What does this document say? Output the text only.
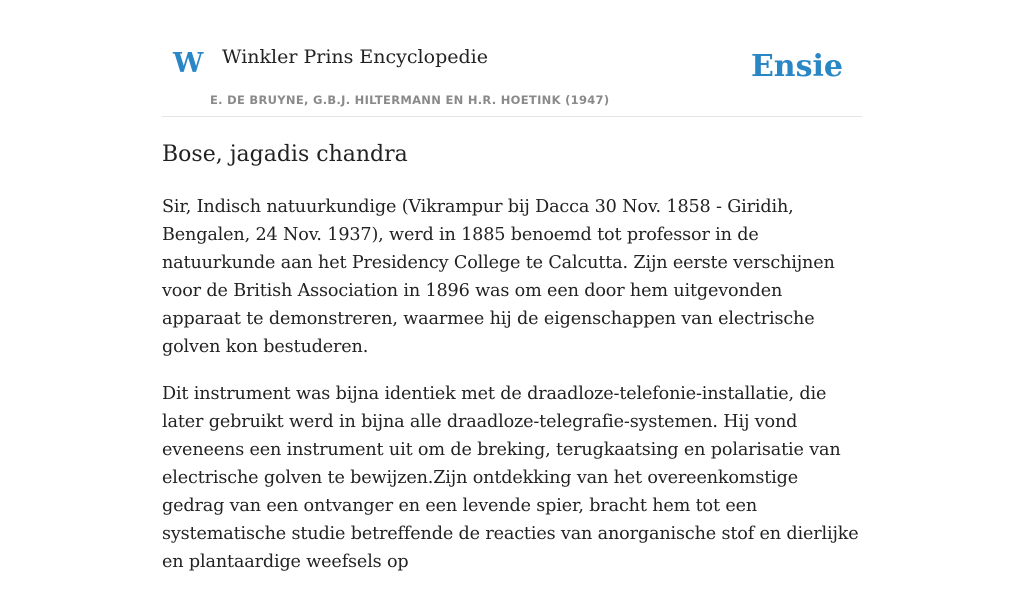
W Winkler Prins Encyclopedie
E. DE BRUYNE, G.B.J. HILTERMANN EN H.R. HOETINK (1947)
Ensie
Bose, jagadis chandra

Sir, Indisch natuurkundige (Vikrampur bij Dacca 30 Nov. 1858 - Giridih, Bengalen, 24 Nov. 1937), werd in 1885 benoemd tot professor in de natuurkunde aan het Presidency College te Calcutta. Zijn eerste verschijnen voor de British Association in 1896 was om een door hem uitgevonden apparaat te demonstreren, waarmee hij de eigenschappen van electrische golven kon bestuderen.

Dit instrument was bijna identiek met de draadloze-telefonie-installatie, die later gebruikt werd in bijna alle draadloze-telegrafie-systemen. Hij vond eveneens een instrument uit om de breking, terugkaatsing en polarisatie van electrische golven te bewijzen.Zijn ontdekking van het overeenkomstige gedrag van een ontvanger en een levende spier, bracht hem tot een systematische studie betreffende de reacties van anorganische stof en dierlijke en plantaardige weefsels op
